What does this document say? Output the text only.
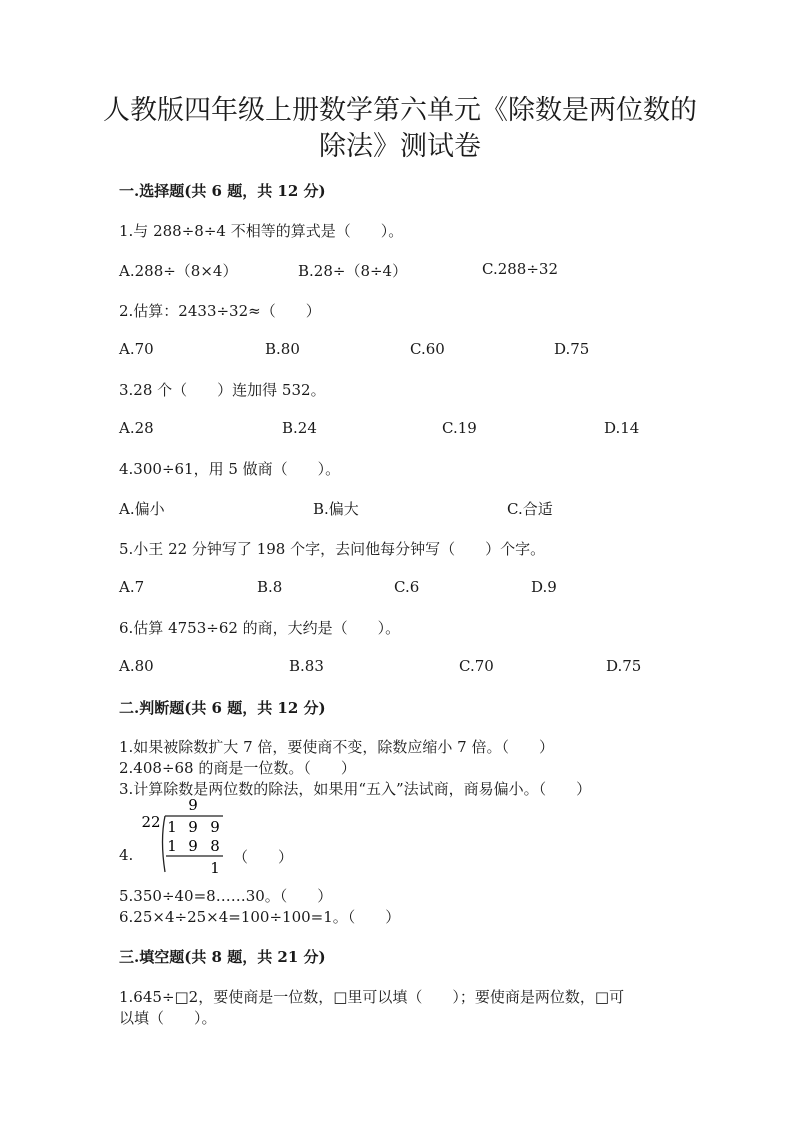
人教版四年级上册数学第六单元《除数是两位数的
除法》测试卷
一.选择题(共 6 题，共 12 分)
1.与 288÷8÷4 不相等的算式是（　　）。
A.288÷（8×4）	B.28÷（8÷4）	C.288÷32
2.估算：2433÷32≈（　　）
A.70	B.80	C.60	D.75
3.28 个（　　）连加得 532。
A.28	B.24	C.19	D.14
4.300÷61，用 5 做商（　　）。
A.偏小	B.偏大	C.合适
5.小王 22 分钟写了 198 个字，去问他每分钟写（　　）个字。
A.7	B.8	C.6	D.9
6.估算 4753÷62 的商，大约是（　　）。
A.80	B.83	C.70	D.75
二.判断题(共 6 题，共 12 分)
1.如果被除数扩大 7 倍，要使商不变，除数应缩小 7 倍。（　　）
2.408÷68 的商是一位数。（　　）
3.计算除数是两位数的除法，如果用“五入”法试商，商易偏小。（　　）
4.
9
22 1 9 9
1 9 8
1
（　　）
5.350÷40=8……30。（　　）
6.25×4÷25×4=100÷100=1。（　　）
三.填空题(共 8 题，共 21 分)
1.645÷□2，要使商是一位数，□里可以填（　　）；要使商是两位数，□可
以填（　　）。
